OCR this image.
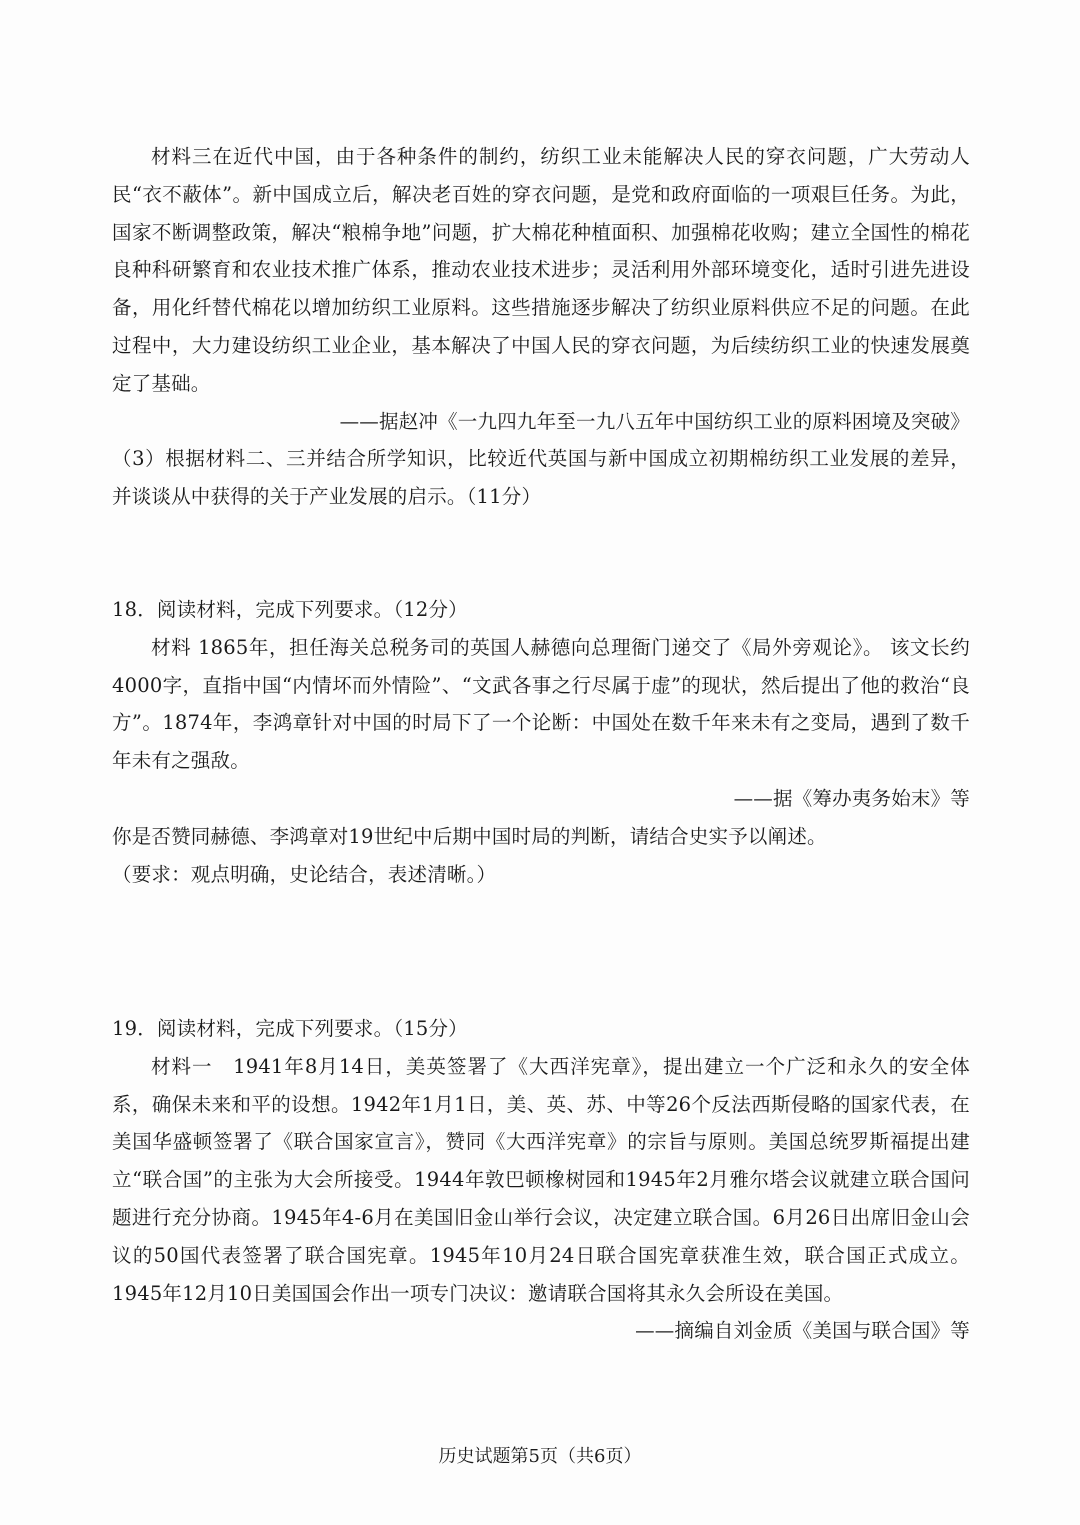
材料三在近代中国，由于各种条件的制约，纺织工业未能解决人民的穿衣问题，广大劳动人民“衣不蔽体”。新中国成立后，解决老百姓的穿衣问题，是党和政府面临的一项艰巨任务。为此，国家不断调整政策，解决“粮棉争地”问题，扩大棉花种植面积、加强棉花收购；建立全国性的棉花良种科研繁育和农业技术推广体系，推动农业技术进步；灵活利用外部环境变化，适时引进先进设备，用化纤替代棉花以增加纺织工业原料。这些措施逐步解决了纺织业原料供应不足的问题。在此过程中，大力建设纺织工业企业，基本解决了中国人民的穿衣问题，为后续纺织工业的快速发展奠定了基础。

——据赵冲《一九四九年至一九八五年中国纺织工业的原料困境及突破》

（3）根据材料二、三并结合所学知识，比较近代英国与新中国成立初期棉纺织工业发展的差异，并谈谈从中获得的关于产业发展的启示。（11分）

18．阅读材料，完成下列要求。（12分）

材料 1865年，担任海关总税务司的英国人赫德向总理衙门递交了《局外旁观论》。 该文长约4000字，直指中国“内情坏而外情险”、“文武各事之行尽属于虚”的现状，然后提出了他的救治“良方”。1874年，李鸿章针对中国的时局下了一个论断：中国处在数千年来未有之变局，遇到了数千年未有之强敌。

——据《筹办夷务始末》等

你是否赞同赫德、李鸿章对19世纪中后期中国时局的判断，请结合史实予以阐述。

（要求：观点明确，史论结合，表述清晰。）

19．阅读材料，完成下列要求。（15分）

材料一　1941年8月14日，美英签署了《大西洋宪章》，提出建立一个广泛和永久的安全体系，确保未来和平的设想。1942年1月1日，美、英、苏、中等26个反法西斯侵略的国家代表，在美国华盛顿签署了《联合国家宣言》，赞同《大西洋宪章》的宗旨与原则。美国总统罗斯福提出建立“联合国”的主张为大会所接受。1944年敦巴顿橡树园和1945年2月雅尔塔会议就建立联合国问题进行充分协商。1945年4-6月在美国旧金山举行会议，决定建立联合国。6月26日出席旧金山会议的50国代表签署了联合国宪章。1945年10月24日联合国宪章获准生效，联合国正式成立。1945年12月10日美国国会作出一项专门决议：邀请联合国将其永久会所设在美国。

——摘编自刘金质《美国与联合国》等

历史试题第5页（共6页）
